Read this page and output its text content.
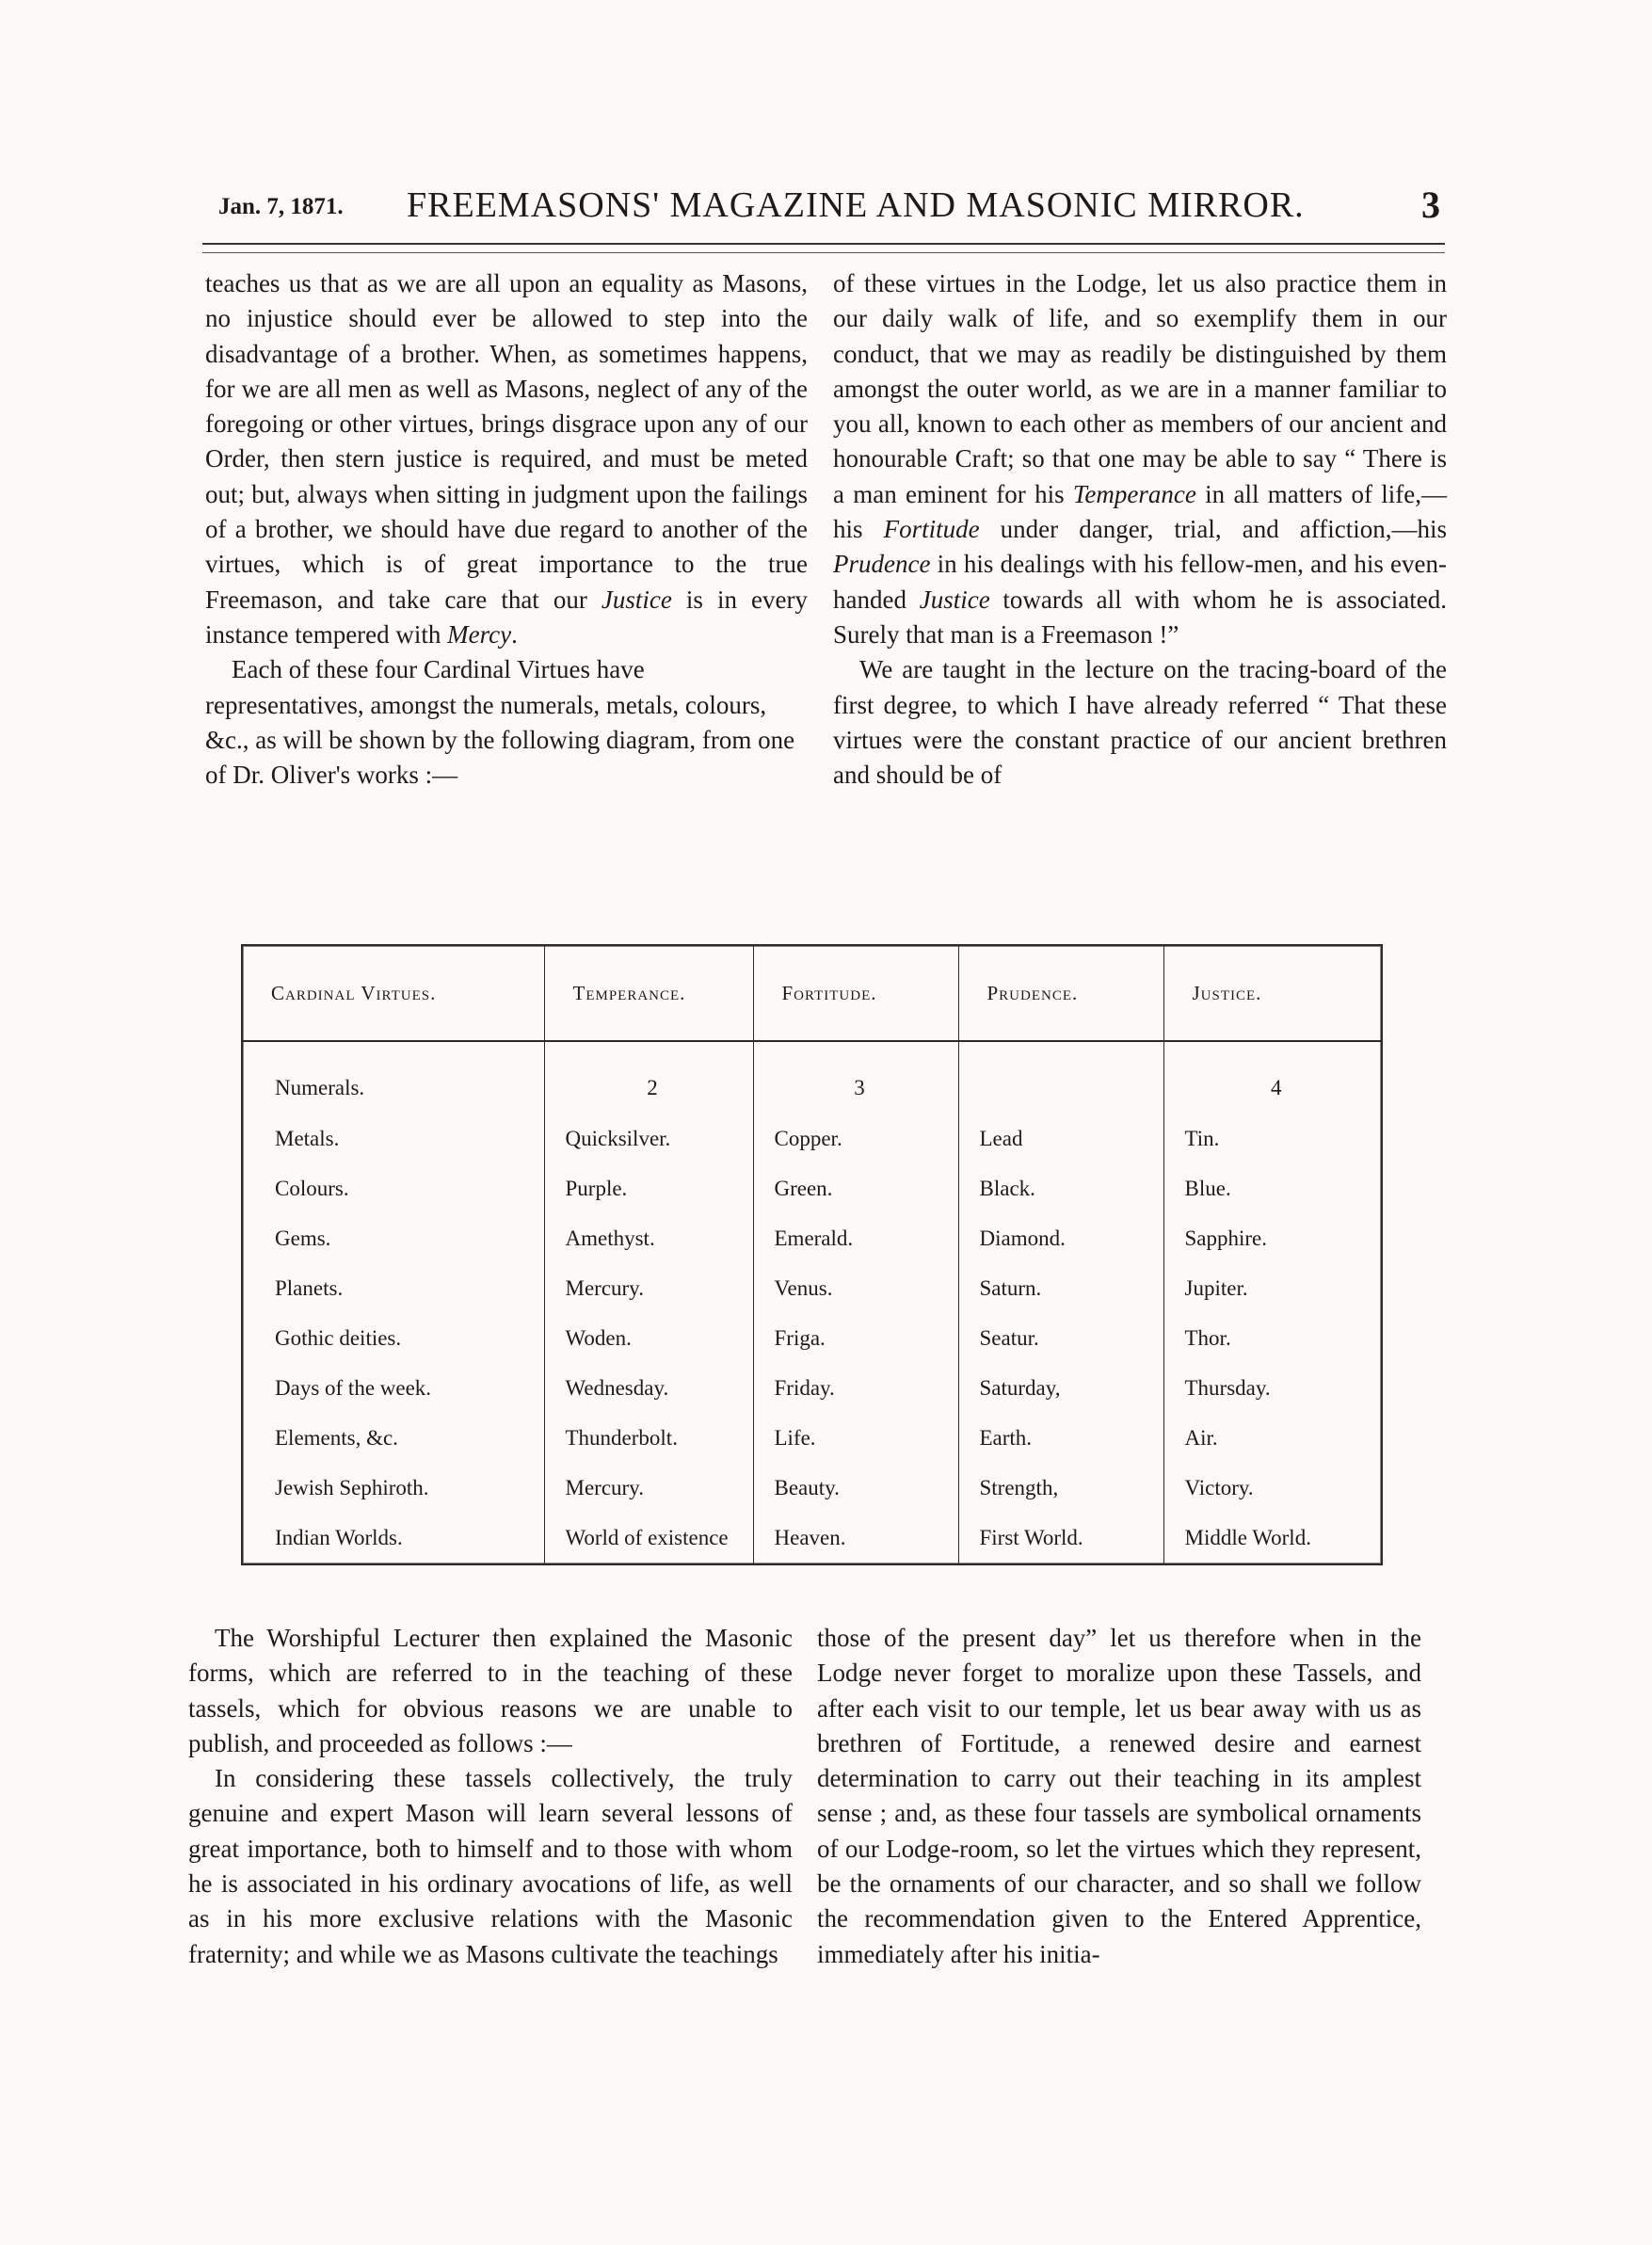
Jan. 7, 1871. FREEMASONS' MAGAZINE AND MASONIC MIRROR.	3

teaches us that as we are all upon an equality as Masons, no injustice should ever be allowed to step into the disadvantage of a brother. When, as sometimes happens, for we are all men as well as Masons, neglect of any of the foregoing or other virtues, brings disgrace upon any of our Order, then stern justice is required, and must be meted out; but, always when sitting in judgment upon the failings of a brother, we should have due regard to another of the virtues, which is of great importance to the true Freemason, and take care that our Justice is in every instance tempered with Mercy.

Each of these four Cardinal Virtues have representatives, amongst the numerals, metals, colours, &c., as will be shown by the following diagram, from one of Dr. Oliver's works :—

of these virtues in the Lodge, let us also practice them in our daily walk of life, and so exemplify them in our conduct, that we may as readily be distinguished by them amongst the outer world, as we are in a manner familiar to you all, known to each other as members of our ancient and honourable Craft; so that one may be able to say “ There is a man eminent for his Temperance in all matters of life,—his Fortitude under danger, trial, and affiction,—his Prudence in his dealings with his fellow-men, and his even-handed Justice towards all with whom he is associated. Surely that man is a Freemason !”

We are taught in the lecture on the tracing-board of the first degree, to which I have already referred “ That these virtues were the constant practice of our ancient brethren and should be of

Cardinal Virtues.	Temperance.	Fortitude.	Prudence.	Justice.
Numerals.	2	3		4
Metals.	Quicksilver.	Copper.	Lead	Tin.
Colours.	Purple.	Green.	Black.	Blue.
Gems.	Amethyst.	Emerald.	Diamond.	Sapphire.
Planets.	Mercury.	Venus.	Saturn.	Jupiter.
Gothic deities.	Woden.	Friga.	Seatur.	Thor.
Days of the week.	Wednesday.	Friday.	Saturday,	Thursday.
Elements, &c.	Thunderbolt.	Life.	Earth.	Air.
Jewish Sephiroth.	Mercury.	Beauty.	Strength,	Victory.
Indian Worlds.	World of existence	Heaven.	First World.	Middle World.

The Worshipful Lecturer then explained the Masonic forms, which are referred to in the teaching of these tassels, which for obvious reasons we are unable to publish, and proceeded as follows :—

In considering these tassels collectively, the truly genuine and expert Mason will learn several lessons of great importance, both to himself and to those with whom he is associated in his ordinary avocations of life, as well as in his more exclusive relations with the Masonic fraternity; and while we as Masons cultivate the teachings

those of the present day” let us therefore when in the Lodge never forget to moralize upon these Tassels, and after each visit to our temple, let us bear away with us as brethren of Fortitude, a renewed desire and earnest determination to carry out their teaching in its amplest sense ; and, as these four tassels are symbolical ornaments of our Lodge-room, so let the virtues which they represent, be the ornaments of our character, and so shall we follow the recommendation given to the Entered Apprentice, immediately after his initia-
